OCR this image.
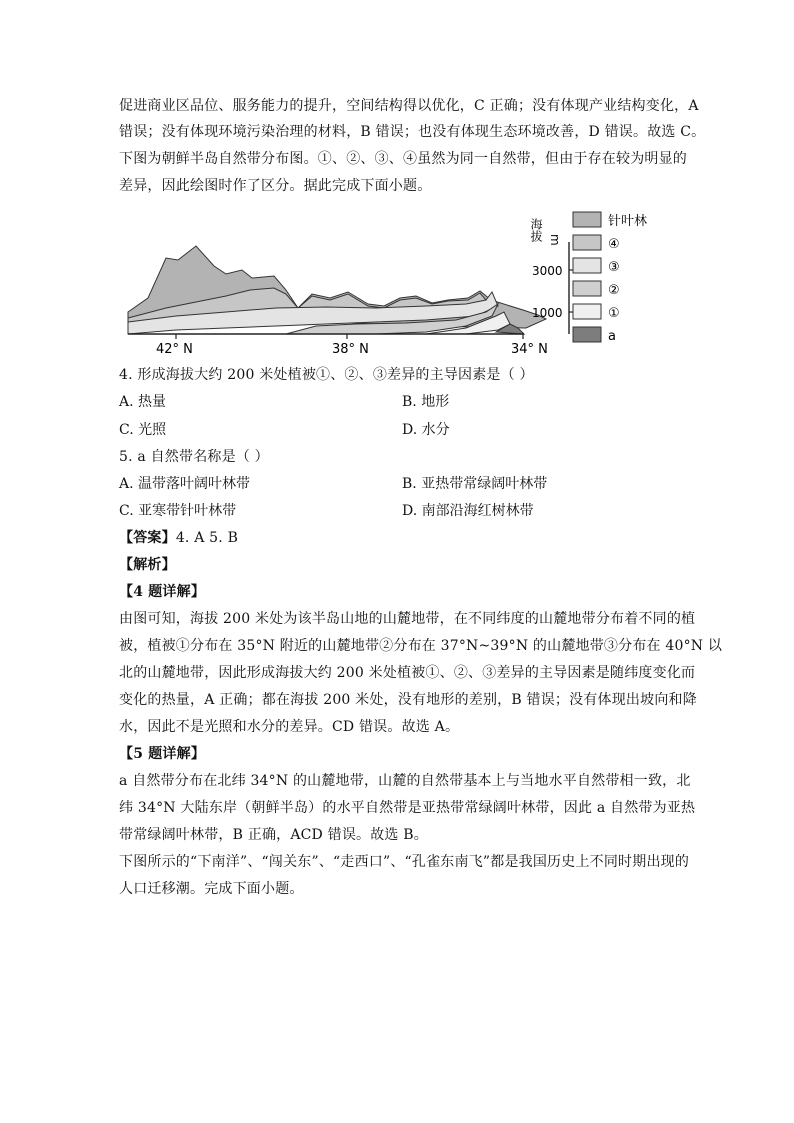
促进商业区品位、服务能力的提升，空间结构得以优化，C 正确；没有体现产业结构变化，A
错误；没有体现环境污染治理的材料，B 错误；也没有体现生态环境改善，D 错误。故选 C。
下图为朝鲜半岛自然带分布图。①、②、③、④虽然为同一自然带，但由于存在较为明显的
差异，因此绘图时作了区分。据此完成下面小题。
42° N	38° N	34° N
3000
1000
海拔 m
针叶林
④
③
②
①
a
4. 形成海拔大约 200 米处植被①、②、③差异的主导因素是（ ）
A. 热量	B. 地形
C. 光照	D. 水分
5. a 自然带名称是（ ）
A. 温带落叶阔叶林带	B. 亚热带常绿阔叶林带
C. 亚寒带针叶林带	D. 南部沿海红树林带
【答案】4. A 5. B
【解析】
【4 题详解】
由图可知，海拔 200 米处为该半岛山地的山麓地带，在不同纬度的山麓地带分布着不同的植
被，植被①分布在 35°N 附近的山麓地带②分布在 37°N~39°N 的山麓地带③分布在 40°N 以
北的山麓地带，因此形成海拔大约 200 米处植被①、②、③差异的主导因素是随纬度变化而
变化的热量，A 正确；都在海拔 200 米处，没有地形的差别，B 错误；没有体现出坡向和降
水，因此不是光照和水分的差异。CD 错误。故选 A。
【5 题详解】
a 自然带分布在北纬 34°N 的山麓地带，山麓的自然带基本上与当地水平自然带相一致，北
纬 34°N 大陆东岸（朝鲜半岛）的水平自然带是亚热带常绿阔叶林带，因此 a 自然带为亚热
带常绿阔叶林带，B 正确，ACD 错误。故选 B。
下图所示的“下南洋”、“闯关东”、“走西口”、“孔雀东南飞”都是我国历史上不同时期出现的
人口迁移潮。完成下面小题。
